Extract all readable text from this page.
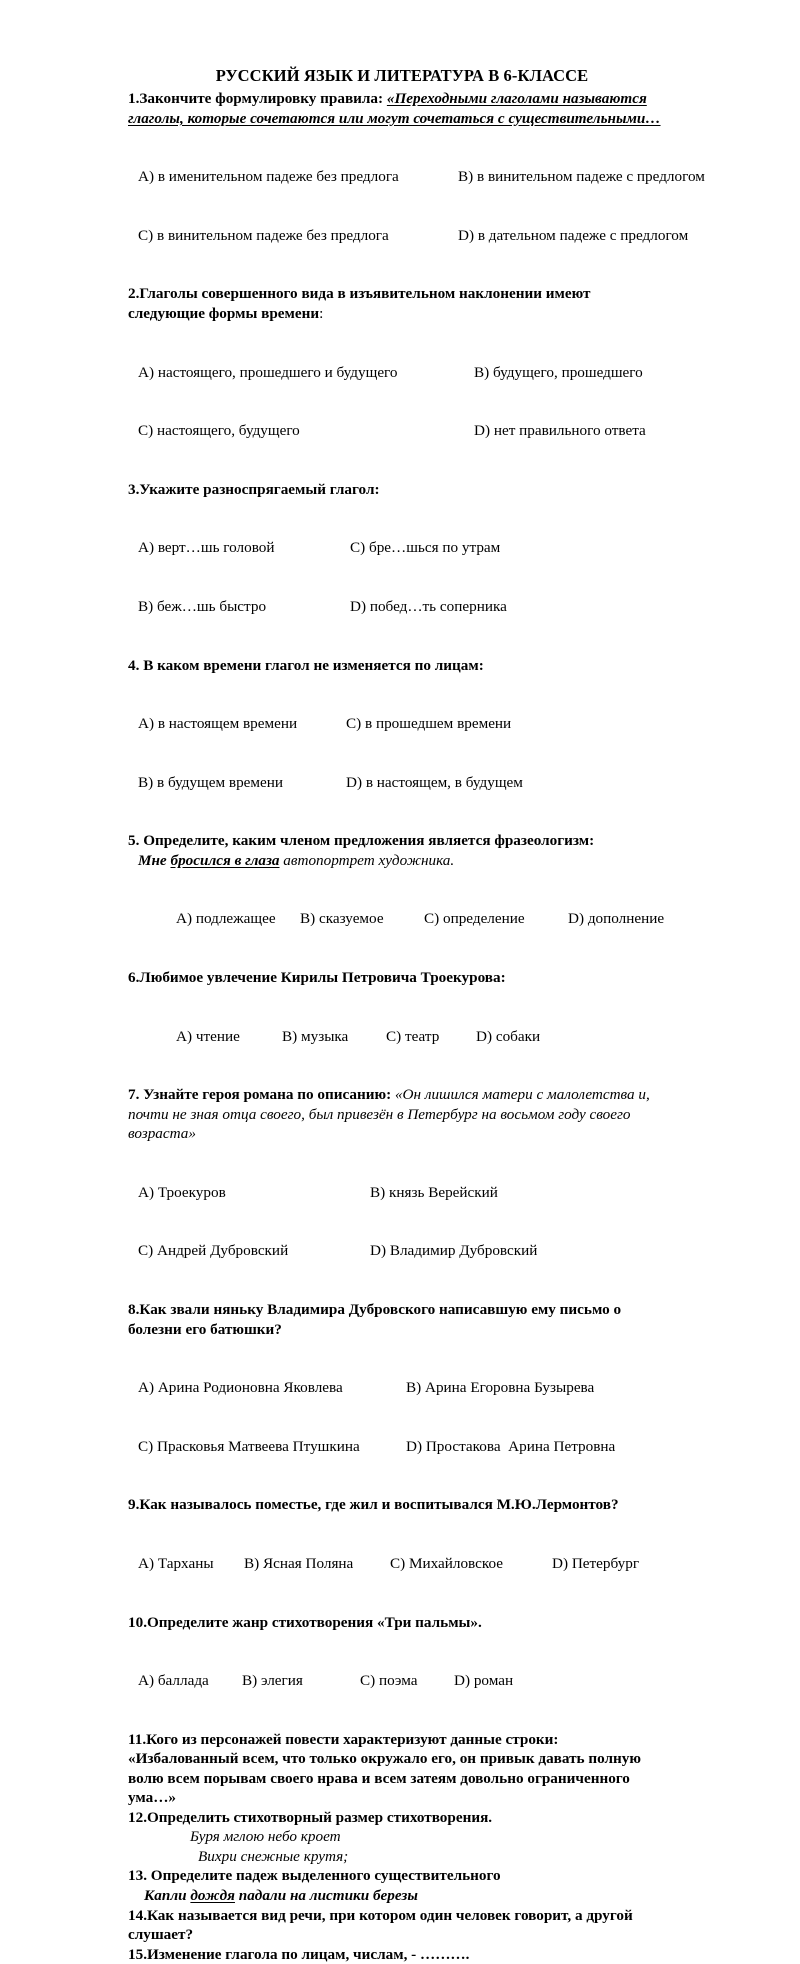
РУССКИЙ ЯЗЫК И ЛИТЕРАТУРА В 6-КЛАССЕ
1.Закончите формулировку правила: «Переходными глаголами называются
глаголы, которые сочетаются или могут сочетаться с существительными…

A) в именительном падеже без предлога	B) в винительном падеже с предлогом

C) в винительном падеже без предлога	D) в дательном падеже с предлогом

2.Глаголы совершенного вида в изъявительном наклонении имеют
следующие формы времени:

A) настоящего, прошедшего и будущего	B) будущего, прошедшего

C) настоящего, будущего	D) нет правильного ответа

3.Укажите разноспрягаемый глагол:

A) верт…шь головой	C) бре…шься по утрам

B) беж…шь быстро	D) побед…ть соперника

4. В каком времени глагол не изменяется по лицам:

A) в настоящем времени	C) в прошедшем времени

B) в будущем времени	D) в настоящем, в будущем

5. Определите, каким членом предложения является фразеологизм:
Мне бросился в глаза автопортрет художника.

A) подлежащее B) сказуемое	C) определение	D) дополнение

6.Любимое увлечение Кирилы Петровича Троекурова:

A) чтение	B) музыка C) театр D) собаки

7. Узнайте героя романа по описанию: «Он лишился матери с малолетства и,
почти не зная отца своего, был привезён в Петербург на восьмом году своего
возраста»

A) Троекуров	B) князь Верейский

C) Андрей Дубровский	D) Владимир Дубровский

8.Как звали няньку Владимира Дубровского написавшую ему письмо о
болезни его батюшки?

A) Арина Родионовна Яковлева	B) Арина Егоровна Бузырева

C) Прасковья Матвеева Птушкина	D) Простакова  Арина Петровна

9.Как называлось поместье, где жил и воспитывался М.Ю.Лермонтов?

A) Тарханы B) Ясная Поляна C) Михайловское	D) Петербург

10.Определите жанр стихотворения «Три пальмы».

A) баллада B) элегия	C) поэма D) роман

11.Кого из персонажей повести характеризуют данные строки:
«Избалованный всем, что только окружало его, он привык давать полную
волю всем порывам своего нрава и всем затеям довольно ограниченного
ума…»
12.Определить стихотворный размер стихотворения.
Буря мглою небо кроет
Вихри снежные крутя;
13. Определите падеж выделенного существительного
Капли дождя падали на листики березы
14.Как называется вид речи, при котором один человек говорит, а другой
слушает?
15.Изменение глагола по лицам, числам, - ……….
